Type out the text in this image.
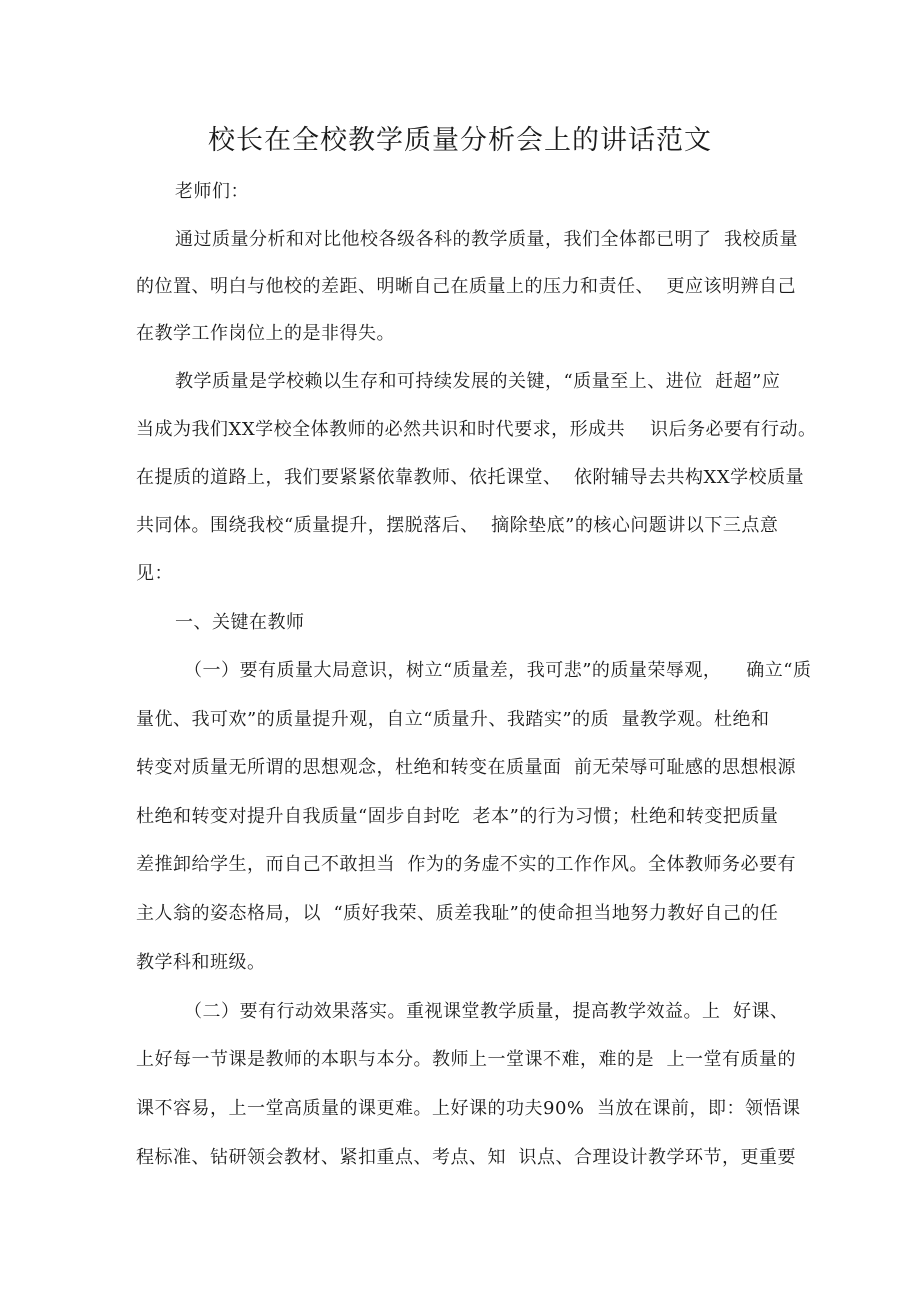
校长在全校教学质量分析会上的讲话范文
老师们：
通过质量分析和对比他校各级各科的教学质量，我们全体都已明了  我校质量
的位置、明白与他校的差距、明晰自己在质量上的压力和责任、  更应该明辨自己
在教学工作岗位上的是非得失。
教学质量是学校赖以生存和可持续发展的关键，“质量至上、进位  赶超”应
当成为我们XX学校全体教师的必然共识和时代要求，形成共    识后务必要有行动。
在提质的道路上，我们要紧紧依靠教师、依托课堂、  依附辅导去共构XX学校质量
共同体。围绕我校“质量提升，摆脱落后、  摘除垫底”的核心问题讲以下三点意
见：
一、关键在教师
（一）要有质量大局意识，树立“质量差，我可悲”的质量荣辱观，    确立“质
量优、我可欢”的质量提升观，自立“质量升、我踏实”的质  量教学观。杜绝和
转变对质量无所谓的思想观念，杜绝和转变在质量面  前无荣辱可耻感的思想根源
杜绝和转变对提升自我质量“固步自封吃  老本”的行为习惯；杜绝和转变把质量
差推卸给学生，而自己不敢担当  作为的务虚不实的工作作风。全体教师务必要有
主人翁的姿态格局，以  “质好我荣、质差我耻”的使命担当地努力教好自己的任
教学科和班级。
（二）要有行动效果落实。重视课堂教学质量，提高教学效益。上  好课、
上好每一节课是教师的本职与本分。教师上一堂课不难，难的是  上一堂有质量的
课不容易，上一堂高质量的课更难。上好课的功夫90%  当放在课前，即：领悟课
程标准、钻研领会教材、紧扣重点、考点、知  识点、合理设计教学环节，更重要
